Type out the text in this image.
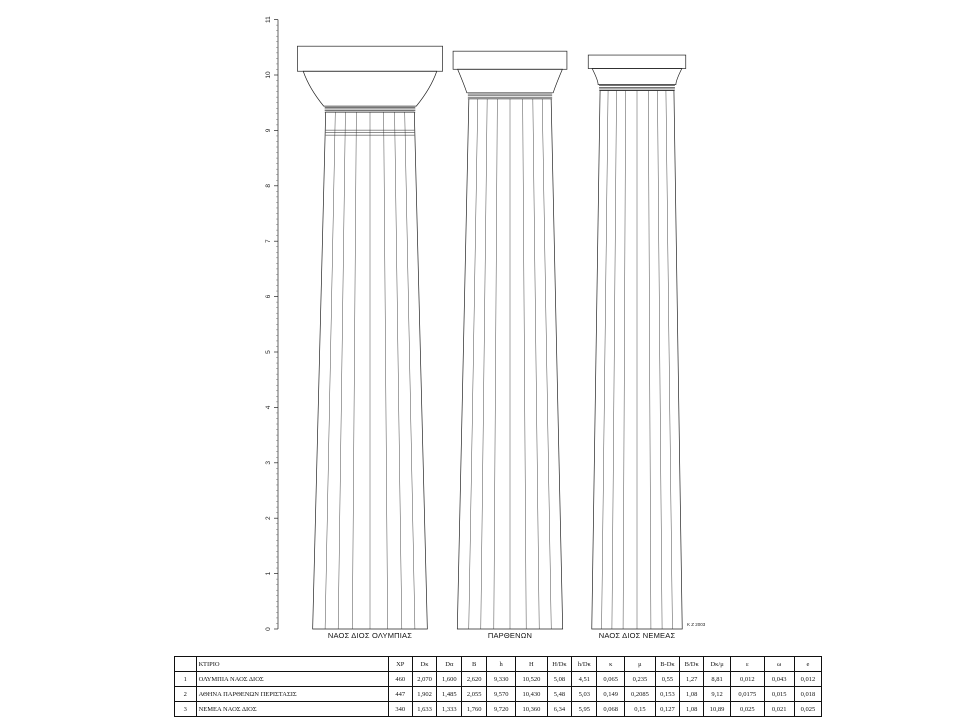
0
1
2
3
4
5
6
7
8
9
10
11
ΝΑΟΣ ΔΙΟΣ ΟΛΥΜΠΙΑΣ	ΠΑΡΘΕΝΩΝ	ΝΑΟΣ ΔΙΟΣ ΝΕΜΕΑΣ
Κ Ζ 2003
	ΚΤΙΡΙΟ	ΧΡ	Dκ	Dα	B	h	H	H/Dκ	h/Dκ	κ	μ	B-Dκ	B/Dκ	Dκ/μ	ε	ω	e
1	ΟΛΥΜΠΙΑ ΝΑΟΣ ΔΙΟΣ	460	2,070	1,600	2,620	9,330	10,520	5,08	4,51	0,065	0,235	0,55	1,27	8,81	0,012	0,043	0,012
2	ΑΘΗΝΑ ΠΑΡΘΕΝΩΝ ΠΕΡΙΣΤΑΣΙΣ	447	1,902	1,485	2,055	9,570	10,430	5,48	5,03	0,149	0,2085	0,153	1,08	9,12	0,0175	0,015	0,018
3	ΝΕΜΕΑ ΝΑΟΣ ΔΙΟΣ	340	1,633	1,333	1,760	9,720	10,360	6,34	5,95	0,068	0,15	0,127	1,08	10,89	0,025	0,021	0,025
